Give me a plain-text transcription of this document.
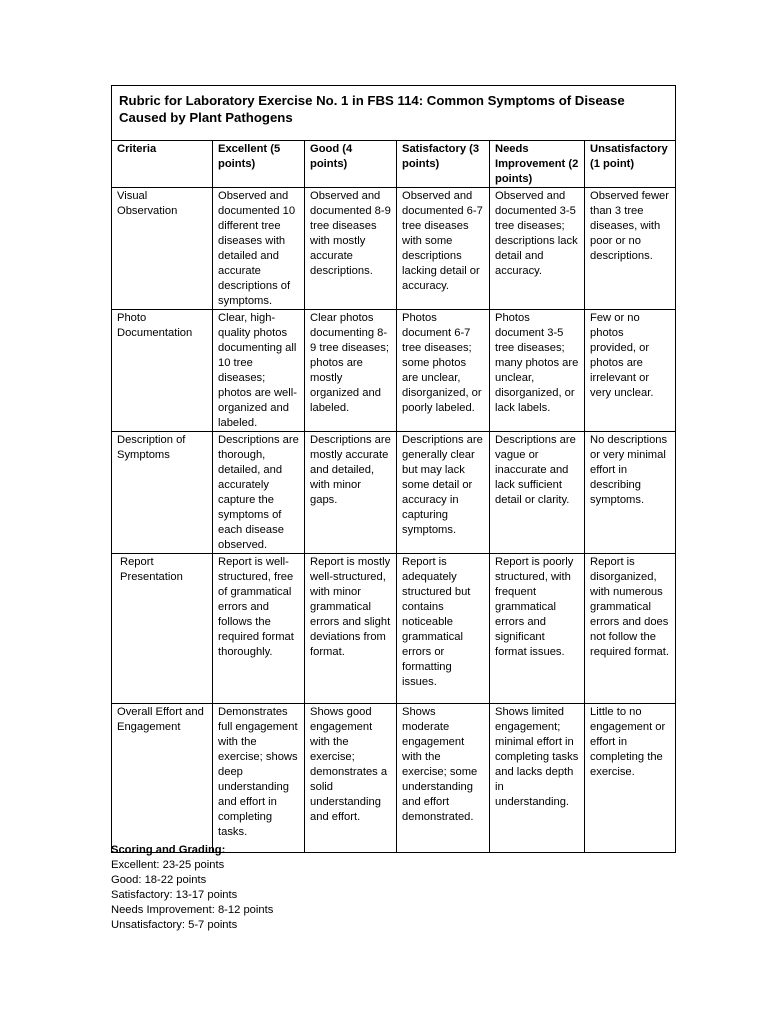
Rubric for Laboratory Exercise No. 1 in FBS 114: Common Symptoms of Disease Caused by Plant Pathogens					
Criteria	Excellent (5 points)	Good (4 points)	Satisfactory (3 points)	Needs Improvement (2 points)	Unsatisfactory (1 point)
Visual Observation	Observed and documented 10 different tree diseases with detailed and accurate descriptions of symptoms.	Observed and documented 8-9 tree diseases with mostly accurate descriptions.	Observed and documented 6-7 tree diseases with some descriptions lacking detail or accuracy.	Observed and documented 3-5 tree diseases; descriptions lack detail and accuracy.	Observed fewer than 3 tree diseases, with poor or no descriptions.
Photo Documentation	Clear, high-quality photos documenting all 10 tree diseases; photos are well-organized and labeled.	Clear photos documenting 8-9 tree diseases; photos are mostly organized and labeled.	Photos document 6-7 tree diseases; some photos are unclear, disorganized, or poorly labeled.	Photos document 3-5 tree diseases; many photos are unclear, disorganized, or lack labels.	Few or no photos provided, or photos are irrelevant or very unclear.
Description of Symptoms	Descriptions are thorough, detailed, and accurately capture the symptoms of each disease observed.	Descriptions are mostly accurate and detailed, with minor gaps.	Descriptions are generally clear but may lack some detail or accuracy in capturing symptoms.	Descriptions are vague or inaccurate and lack sufficient detail or clarity.	No descriptions or very minimal effort in describing symptoms.
Report Presentation	Report is well-structured, free of grammatical errors and follows the required format thoroughly.	Report is mostly well-structured, with minor grammatical errors and slight deviations from format.	Report is adequately structured but contains noticeable grammatical errors or formatting issues.	Report is poorly structured, with frequent grammatical errors and significant format issues.	Report is disorganized, with numerous grammatical errors and does not follow the required format.
Overall Effort and Engagement	Demonstrates full engagement with the exercise; shows deep understanding and effort in completing tasks.	Shows good engagement with the exercise; demonstrates a solid understanding and effort.	Shows moderate engagement with the exercise; some understanding and effort demonstrated.	Shows limited engagement; minimal effort in completing tasks and lacks depth in understanding.	Little to no engagement or effort in completing the exercise.
Scoring and Grading:
Excellent: 23-25 points
Good: 18-22 points
Satisfactory: 13-17 points
Needs Improvement: 8-12 points
Unsatisfactory: 5-7 points
